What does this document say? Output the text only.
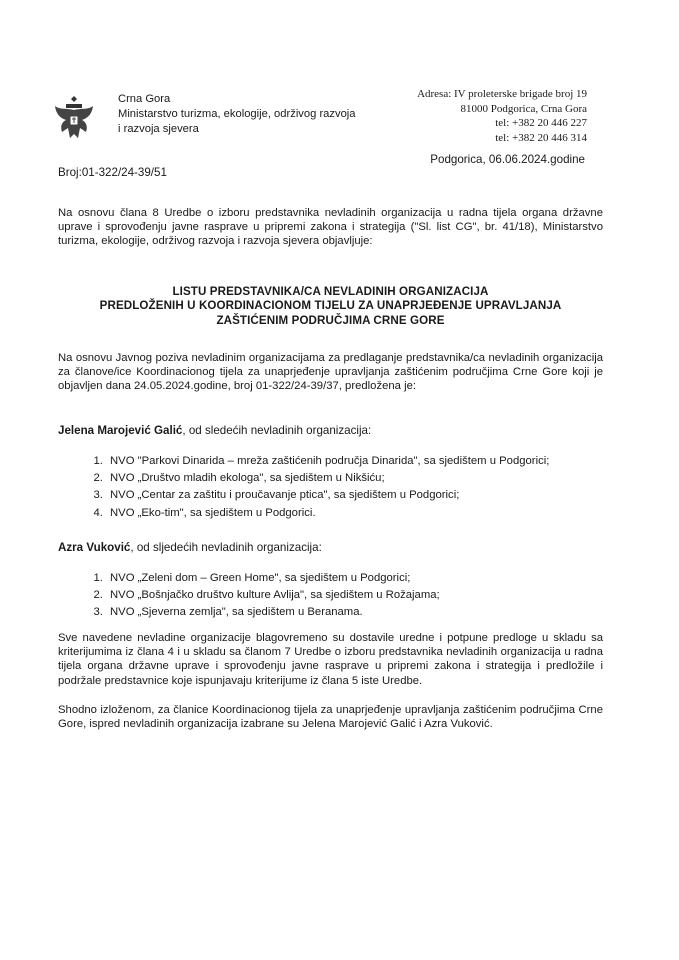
Crna Gora
Ministarstvo turizma, ekologije, održivog razvoja
i razvoja sjevera
Adresa: IV proleterske brigade broj 19
81000 Podgorica, Crna Gora
tel: +382 20 446 227
tel: +382 20 446 314
Podgorica, 06.06.2024.godine
Broj:01-322/24-39/51
Na osnovu člana 8 Uredbe o izboru predstavnika nevladinih organizacija u radna tijela organa državne uprave i sprovođenju javne rasprave u pripremi zakona i strategija ("Sl. list CG", br. 41/18), Ministarstvo turizma, ekologije, održivog razvoja i razvoja sjevera objavljuje:
LISTU PREDSTAVNIKA/CA NEVLADINIH ORGANIZACIJA
PREDLOŽENIH U KOORDINACIONOM TIJELU ZA UNAPRJEĐENJE UPRAVLJANJA
ZAŠTIĆENIM PODRUČJIMA CRNE GORE
Na osnovu Javnog poziva nevladinim organizacijama za predlaganje predstavnika/ca nevladinih organizacija za članove/ice Koordinacionog tijela za unaprjeđenje upravljanja zaštićenim područjima Crne Gore koji je objavljen dana 24.05.2024.godine, broj 01-322/24-39/37, predložena je:
Jelena Marojević Galić, od sledećih nevladinih organizacija:
1. NVO "Parkovi Dinarida – mreža zaštićenih područja Dinarida", sa sjedištem u Podgorici;
2. NVO „Društvo mladih ekologa", sa sjedištem u Nikšiću;
3. NVO „Centar za zaštitu i proučavanje ptica", sa sjedištem u Podgorici;
4. NVO „Eko-tim", sa sjedištem u Podgorici.
Azra Vuković, od sljedećih nevladinih organizacija:
1. NVO „Zeleni dom – Green Home", sa sjedištem u Podgorici;
2. NVO „Bošnjačko društvo kulture Avlija", sa sjedištem u Rožajama;
3. NVO „Sjeverna zemlja", sa sjedištem u Beranama.
Sve navedene nevladine organizacije blagovremeno su dostavile uredne i potpune predloge u skladu sa kriterijumima iz člana 4 i u skladu sa članom 7 Uredbe o izboru predstavnika nevladinih organizacija u radna tijela organa državne uprave i sprovođenju javne rasprave u pripremi zakona i strategija i predložile i podržale predstavnice koje ispunjavaju kriterijume iz člana 5 iste Uredbe.
Shodno izloženom, za članice Koordinacionog tijela za unaprjeđenje upravljanja zaštićenim područjima Crne Gore, ispred nevladinih organizacija izabrane su Jelena Marojević Galić i Azra Vuković.
